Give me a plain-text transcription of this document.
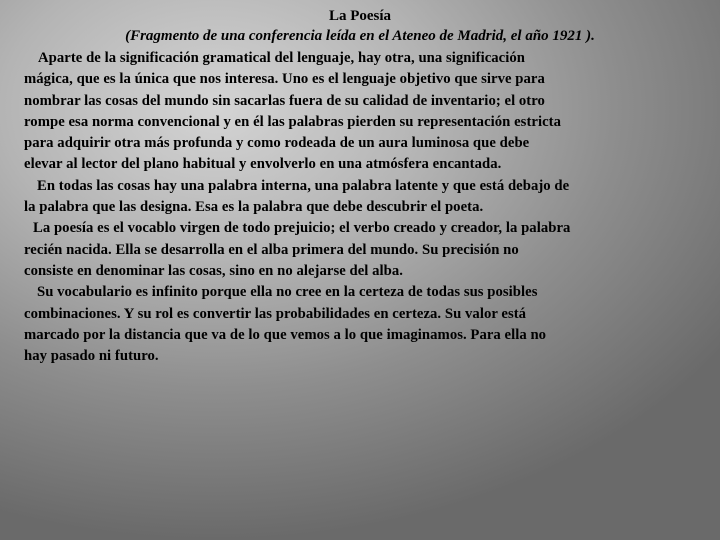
La Poesía
(Fragmento de una conferencia leída en el Ateneo de Madrid, el año 1921 ).
Aparte de la significación gramatical del lenguaje, hay otra, una significación
mágica, que es la única que nos interesa. Uno es el lenguaje objetivo que sirve para
nombrar las cosas del mundo sin sacarlas fuera de su calidad de inventario; el otro
rompe esa norma convencional y en él las palabras pierden su representación estricta
para adquirir otra más profunda y como rodeada de un aura luminosa que debe
elevar al lector del plano habitual y envolverlo en una atmósfera encantada.
En todas las cosas hay una palabra interna, una palabra latente y que está debajo de
la palabra que las designa. Esa es la palabra que debe descubrir el poeta.
La poesía es el vocablo virgen de todo prejuicio; el verbo creado y creador, la palabra
recién nacida. Ella se desarrolla en el alba primera del mundo. Su precisión no
consiste en denominar las cosas, sino en no alejarse del alba.
Su vocabulario es infinito porque ella no cree en la certeza de todas sus posibles
combinaciones. Y su rol es convertir las probabilidades en certeza. Su valor está
marcado por la distancia que va de lo que vemos a lo que imaginamos. Para ella no
hay pasado ni futuro.
